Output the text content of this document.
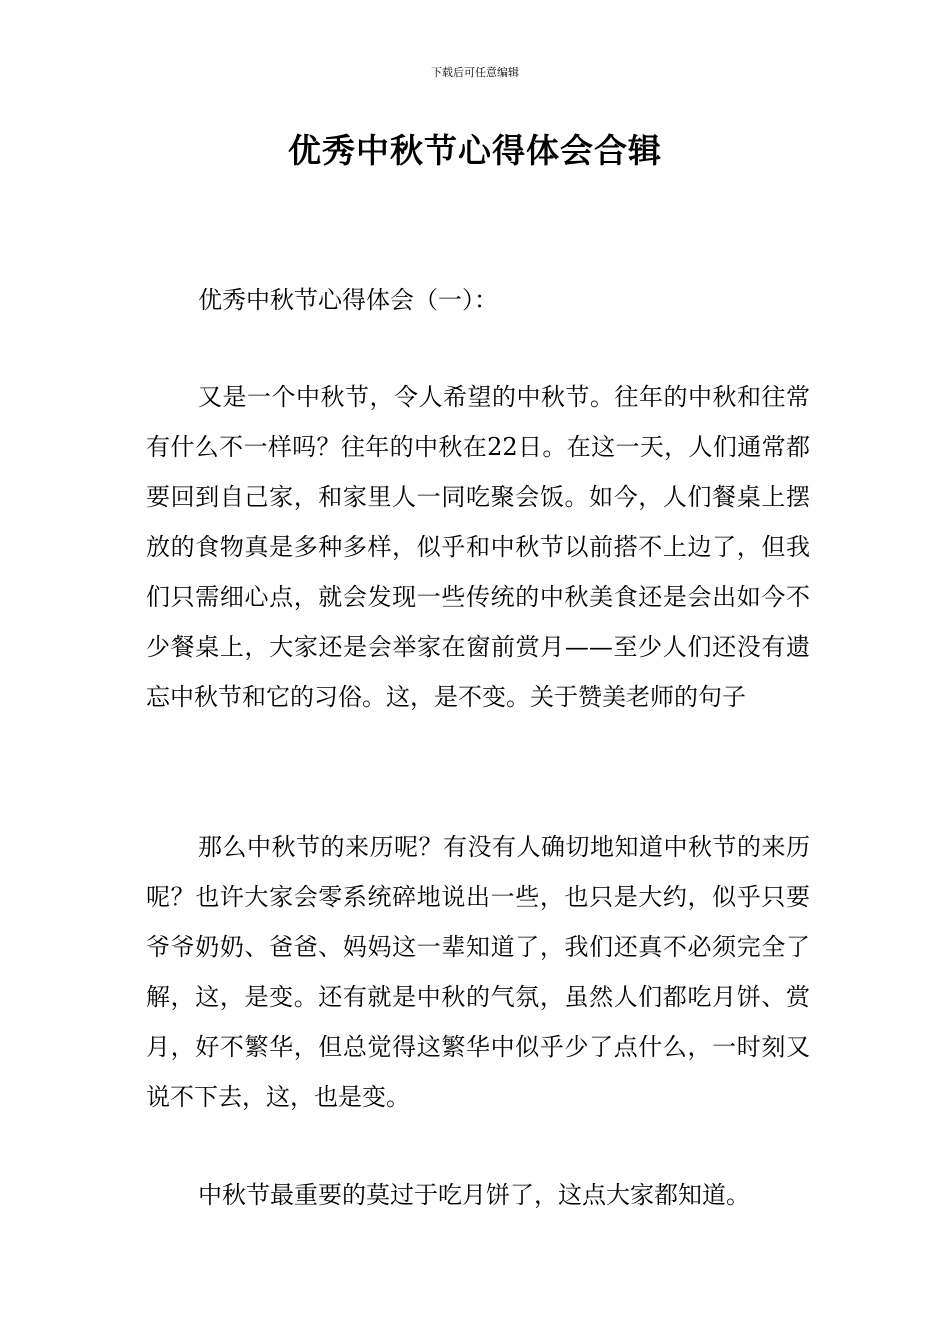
下载后可任意编辑
优秀中秋节心得体会合辑
优秀中秋节心得体会（一）：

又是一个中秋节，令人希望的中秋节。往年的中秋和往常有什么不一样吗？往年的中秋在22日。在这一天，人们通常都要回到自己家，和家里人一同吃聚会饭。如今，人们餐桌上摆放的食物真是多种多样，似乎和中秋节以前搭不上边了，但我们只需细心点，就会发现一些传统的中秋美食还是会出如今不少餐桌上，大家还是会举家在窗前赏月——至少人们还没有遗忘中秋节和它的习俗。这，是不变。关于赞美老师的句子

那么中秋节的来历呢？有没有人确切地知道中秋节的来历呢？也许大家会零系统碎地说出一些，也只是大约，似乎只要爷爷奶奶、爸爸、妈妈这一辈知道了，我们还真不必须完全了解，这，是变。还有就是中秋的气氛，虽然人们都吃月饼、赏月，好不繁华，但总觉得这繁华中似乎少了点什么，一时刻又说不下去，这，也是变。

中秋节最重要的莫过于吃月饼了，这点大家都知道。
